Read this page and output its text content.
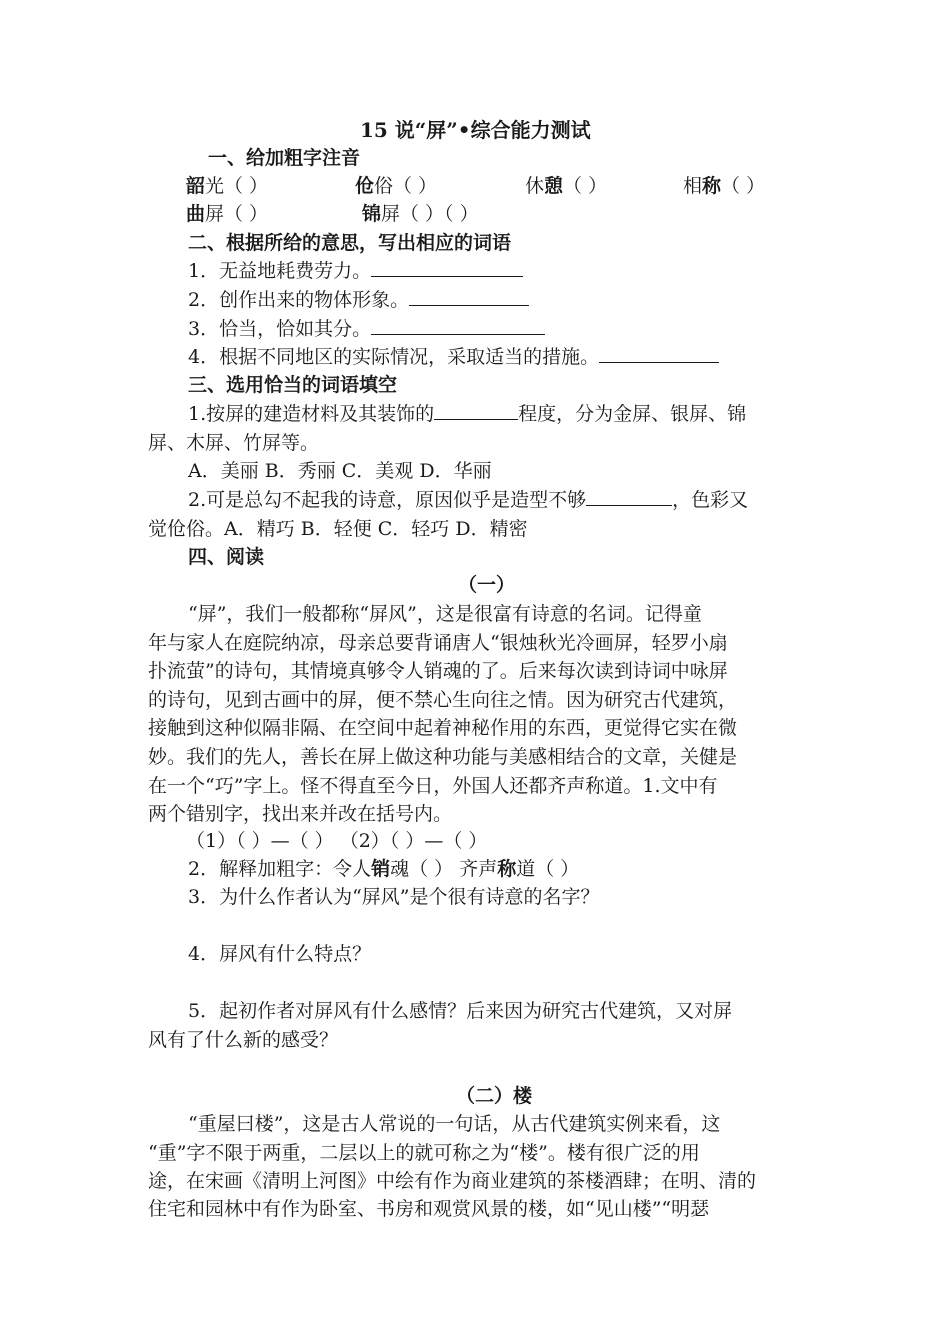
15 说“屏”•综合能力测试
一、给加粗字注音
韶光（ ）	伧俗（ ）	休憩（ ）	相称（ ）
曲屏（ ）	锦屏（ ）（ ）
二、根据所给的意思，写出相应的词语
1．无益地耗费劳力。
2．创作出来的物体形象。
3．恰当，恰如其分。
4．根据不同地区的实际情况，采取适当的措施。
三、选用恰当的词语填空
1.按屏的建造材料及其装饰的	程度，分为金屏、银屏、锦
屏、木屏、竹屏等。
A．美丽 B．秀丽 C．美观 D．华丽
2.可是总勾不起我的诗意，原因似乎是造型不够	，色彩又
觉伧俗。A．精巧 B．轻便 C．轻巧 D．精密
四、阅读
（一）
“屏”，我们一般都称“屏风”，这是很富有诗意的名词。记得童
年与家人在庭院纳凉，母亲总要背诵唐人“银烛秋光冷画屏，轻罗小扇
扑流萤”的诗句，其情境真够令人销魂的了。后来每次读到诗词中咏屏
的诗句，见到古画中的屏，便不禁心生向往之情。因为研究古代建筑，
接触到这种似隔非隔、在空间中起着神秘作用的东西，更觉得它实在微
妙。我们的先人，善长在屏上做这种功能与美感相结合的文章，关健是
在一个“巧”字上。怪不得直至今日，外国人还都齐声称道。1.文中有
两个错别字，找出来并改在括号内。
（1）（ ）—（ ） （2）（ ）—（ ）
2．解释加粗字：令人销魂（ ） 齐声称道（ ）
3．为什么作者认为“屏风”是个很有诗意的名字？
4．屏风有什么特点？
5．起初作者对屏风有什么感情？后来因为研究古代建筑，又对屏
风有了什么新的感受？
（二）楼
“重屋曰楼”，这是古人常说的一句话，从古代建筑实例来看，这
“重”字不限于两重，二层以上的就可称之为“楼”。楼有很广泛的用
途，在宋画《清明上河图》中绘有作为商业建筑的茶楼酒肆；在明、清的
住宅和园林中有作为卧室、书房和观赏风景的楼，如“见山楼”“明瑟
